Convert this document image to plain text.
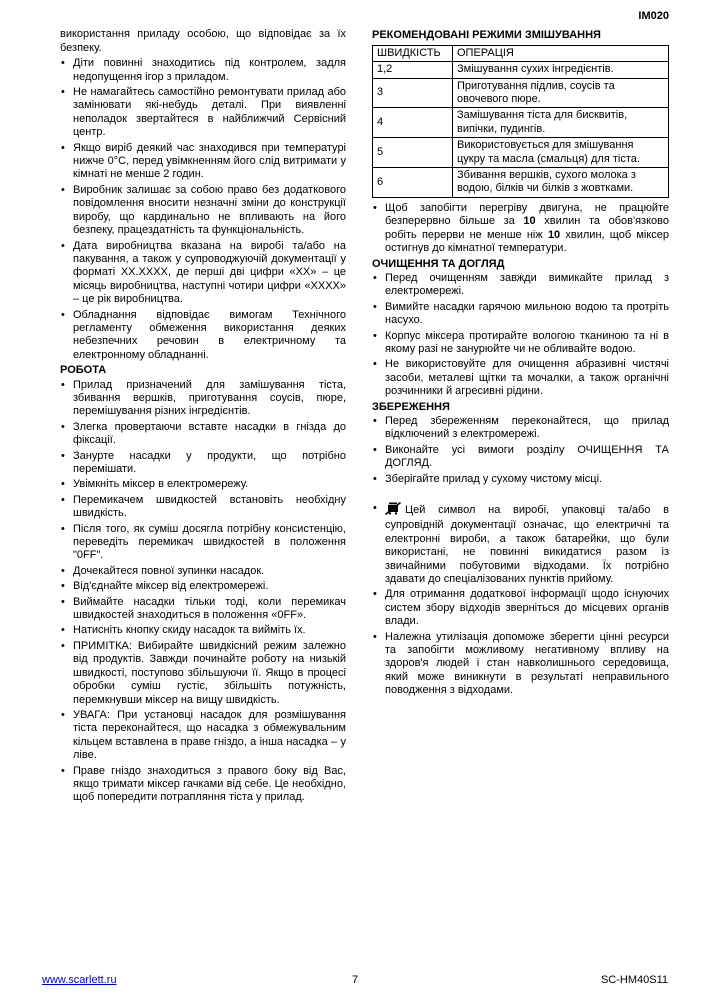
IM020

використання приладу особою, що відповідає за їх безпеку.

• Діти повинні знаходитись під контролем, задля недопущення ігор з приладом.
• Не намагайтесь самостійно ремонтувати прилад або замінювати які-небудь деталі. При виявленні неполадок звертайтеся в найближчий Сервісний центр.
• Якщо виріб деякий час знаходився при температурі нижче 0°C, перед увімкненням його слід витримати у кімнаті не менше 2 годин.
• Виробник залишає за собою право без додаткового повідомлення вносити незначні зміни до конструкції виробу, що кардинально не впливають на його безпеку, працездатність та функціональність.
• Дата виробництва вказана на виробі та/або на пакування, а також у супроводжуючій документації у форматі XX.XXXX, де перші дві цифри «XX» – це місяць виробництва, наступні чотири цифри «XXXX» – це рік виробництва.
• Обладнання відповідає вимогам Технічного регламенту обмеження використання деяких небезпечних речовин в електричному та електронному обладнанні.
РОБОТА
• Прилад призначений для замішування тіста, збивання вершків, приготування соусів, пюре, перемішування різних інгредієнтів.
• Злегка провертаючи вставте насадки в гнізда до фіксації.
• Занурте насадки у продукти, що потрібно перемішати.
• Увімкніть міксер в електромережу.
• Перемикачем швидкостей встановіть необхідну швидкість.
• Після того, як суміш досягла потрібну консистенцію, переведіть перемикач швидкостей в положення "0FF".
• Дочекайтеся повної зупинки насадок.
• Від'єднайте міксер від електромережі.
• Виймайте насадки тільки тоді, коли перемикач швидкостей знаходиться в положення «0FF».
• Натисніть кнопку скиду насадок та вийміть їх.
• ПРИМІТКА: Вибирайте швидкісний режим залежно від продуктів. Завжди починайте роботу на низькій швидкості, поступово збільшуючи її. Якщо в процесі обробки суміш густіє, збільшіть потужність, перемкнувши міксер на вищу швидкість.
• УВАГА: При установці насадок для розмішування тіста переконайтеся, що насадка з обмежувальним кільцем вставлена в праве гніздо, а інша насадка – у ліве.
• Праве гніздо знаходиться з правого боку від Вас, якщо тримати міксер гачками від себе. Це необхідно, щоб попередити потрапляння тіста у прилад.
РЕКОМЕНДОВАНІ РЕЖИМИ ЗМІШУВАННЯ
ШВИДКІСТЬ	ОПЕРАЦІЯ
1,2	Змішування сухих інгредієнтів.
3	Приготування підлив, соусів та овочевого пюре.
4	Замішування тіста для бисквитів, випічки, пудингів.
5	Використовується для змішування цукру та масла (смальця) для тіста.
6	Збивання вершків, сухого молока з водою, білків чи білків з жовтками.
• Щоб запобігти перегріву двигуна, не працюйте безперервно більше за 10 хвилин та обов'язково робіть перерви не менше ніж 10 хвилин, щоб міксер остигнув до кімнатної температури.
ОЧИЩЕННЯ ТА ДОГЛЯД
• Перед очищенням завжди вимикайте прилад з електромережі.
• Вимийте насадки гарячою мильною водою та протріть насухо.
• Корпус міксера протирайте вологою тканиною та ні в якому разі не занурюйте чи не обливайте водою.
• Не використовуйте для очищення абразивні чистячі засоби, металеві щітки та мочалки, а також органічні розчинники й агресивні рідини.
ЗБЕРЕЖЕННЯ
• Перед збереженням переконайтеся, що прилад відключений з електромережі.
• Виконайте усі вимоги розділу ОЧИЩЕННЯ ТА ДОГЛЯД.
• Зберігайте прилад у сухому чистому місці.
• Цей символ на виробі, упаковці та/або в супровідній документації означає, що електричні та електронні вироби, а також батарейки, що були використані, не повинні викидатися разом із звичайними побутовими відходами. Їх потрібно здавати до спеціалізованих пунктів прийому.
• Для отримання додаткової інформації щодо існуючих систем збору відходів зверніться до місцевих органів влади.
• Належна утилізація допоможе зберегти цінні ресурси та запобігти можливому негативному впливу на здоров'я людей і стан навколишнього середовища, який може виникнути в результаті неправильного поводження з відходами.
www.scarlett.ru	7	SC-HM40S11
